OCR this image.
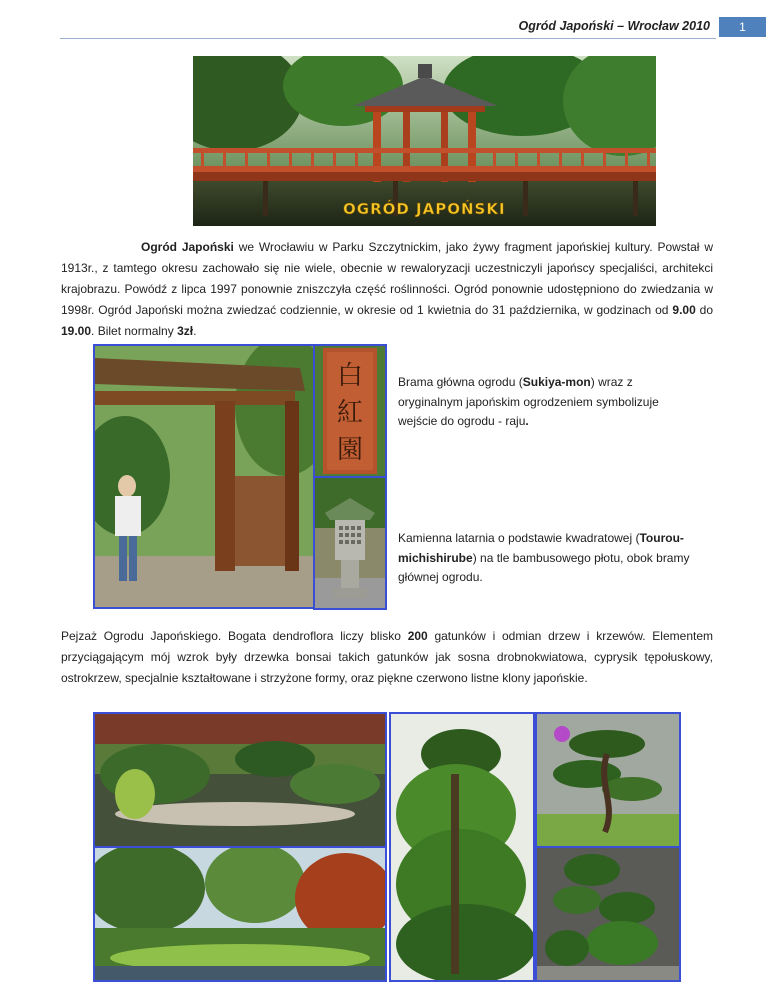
Ogród Japoński – Wrocław 2010	1
OGRÓD JAPOŃSKI

Ogród Japoński we Wrocławiu w Parku Szczytnickim, jako żywy fragment japońskiej kultury. Powstał w 1913r., z tamtego okresu zachowało się nie wiele, obecnie w rewaloryzacji uczestniczyli japońscy specjaliści, architekci krajobrazu. Powódź z lipca 1997 ponownie zniszczyła część roślinności. Ogród ponownie udostępniono do zwiedzania w 1998r. Ogród Japoński można zwiedzać codziennie, w okresie od 1 kwietnia do 31 października, w godzinach od 9.00 do 19.00. Bilet normalny 3zł.

白
紅
園

Brama główna ogrodu (Sukiya-mon) wraz z oryginalnym japońskim ogrodzeniem symbolizuje wejście do ogrodu - raju.

Kamienna latarnia o podstawie kwadratowej (Tourou-michishirube) na tle bambusowego płotu, obok bramy głównej ogrodu.

Pejzaż Ogrodu Japońskiego. Bogata dendroflora liczy blisko 200 gatunków i odmian drzew i krzewów. Elementem przyciągającym mój wzrok były drzewka bonsai takich gatunków jak sosna drobnokwiatowa, cyprysik tępołuskowy, ostrokrzew, specjalnie kształtowane i strzyżone formy, oraz piękne czerwono listne klony japońskie.
